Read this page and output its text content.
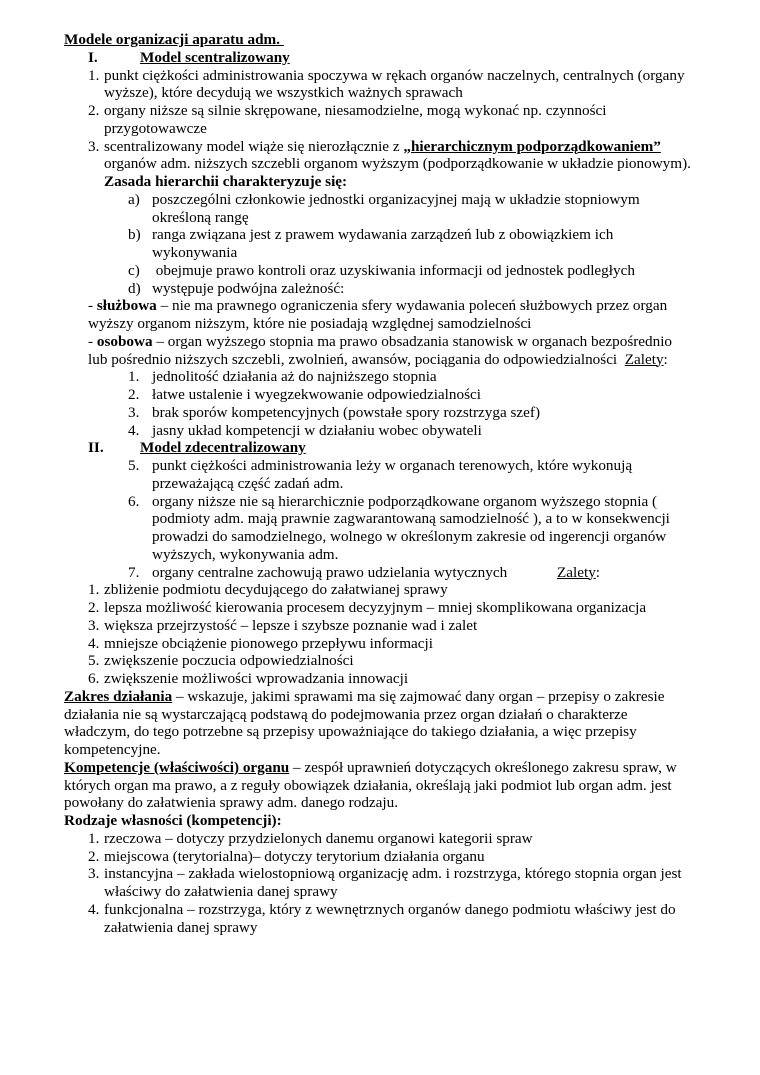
Modele organizacji aparatu adm.
I.	Model scentralizowany
1. punkt ciężkości administrowania spoczywa w rękach organów naczelnych, centralnych (organy wyższe), które decydują we wszystkich ważnych sprawach
2. organy niższe są silnie skrępowane, niesamodzielne, mogą wykonać np. czynności przygotowawcze
3. scentralizowany model wiąże się nierozłącznie z „hierarchicznym podporządkowaniem” organów adm. niższych szczebli organom wyższym (podporządkowanie w układzie pionowym).
Zasada hierarchii charakteryzuje się:
a) poszczególni członkowie jednostki organizacyjnej mają w układzie stopniowym określoną rangę
b) ranga związana jest z prawem wydawania zarządzeń lub z obowiązkiem ich wykonywania
c) obejmuje prawo kontroli oraz uzyskiwania informacji od jednostek podległych
d) występuje podwójna zależność:
- służbowa – nie ma prawnego ograniczenia sfery wydawania poleceń służbowych przez organ wyższy organom niższym, które nie posiadają względnej samodzielności
- osobowa – organ wyższego stopnia ma prawo obsadzania stanowisk w organach bezpośrednio lub pośrednio niższych szczebli, zwolnień, awansów, pociągania do odpowiedzialności  Zalety:
1. jednolitość działania aż do najniższego stopnia
2. łatwe ustalenie i wyegzekwowanie odpowiedzialności
3. brak sporów kompetencyjnych (powstałe spory rozstrzyga szef)
4. jasny układ kompetencji w działaniu wobec obywateli
II. Model zdecentralizowany
5. punkt ciężkości administrowania leży w organach terenowych, które wykonują przeważającą część zadań adm.
6. organy niższe nie są hierarchicznie podporządkowane organom wyższego stopnia ( podmioty adm. mają prawnie zagwarantowaną samodzielność ), a to w konsekwencji prowadzi do samodzielnego, wolnego w określonym zakresie od ingerencji organów wyższych, wykonywania adm.
7. organy centralne zachowują prawo udzielania wytycznych	Zalety:
1. zbliżenie podmiotu decydującego do załatwianej sprawy
2. lepsza możliwość kierowania procesem decyzyjnym – mniej skomplikowana organizacja
3. większa przejrzystość – lepsze i szybsze poznanie wad i zalet
4. mniejsze obciążenie pionowego przepływu informacji
5. zwiększenie poczucia odpowiedzialności
6. zwiększenie możliwości wprowadzania innowacji
Zakres działania – wskazuje, jakimi sprawami ma się zajmować dany organ – przepisy o zakresie działania nie są wystarczającą podstawą do podejmowania przez organ działań o charakterze władczym, do tego potrzebne są przepisy upoważniające do takiego działania, a więc przepisy kompetencyjne.
Kompetencje (właściwości) organu – zespół uprawnień dotyczących określonego zakresu spraw, w których organ ma prawo, a z reguły obowiązek działania, określają jaki podmiot lub organ adm. jest powołany do załatwienia sprawy adm. danego rodzaju.
Rodzaje własności (kompetencji):
1. rzeczowa – dotyczy przydzielonych danemu organowi kategorii spraw
2. miejscowa (terytorialna)– dotyczy terytorium działania organu
3. instancyjna – zakłada wielostopniową organizację adm. i rozstrzyga, którego stopnia organ jest właściwy do załatwienia danej sprawy
4. funkcjonalna – rozstrzyga, który z wewnętrznych organów danego podmiotu właściwy jest do załatwienia danej sprawy
